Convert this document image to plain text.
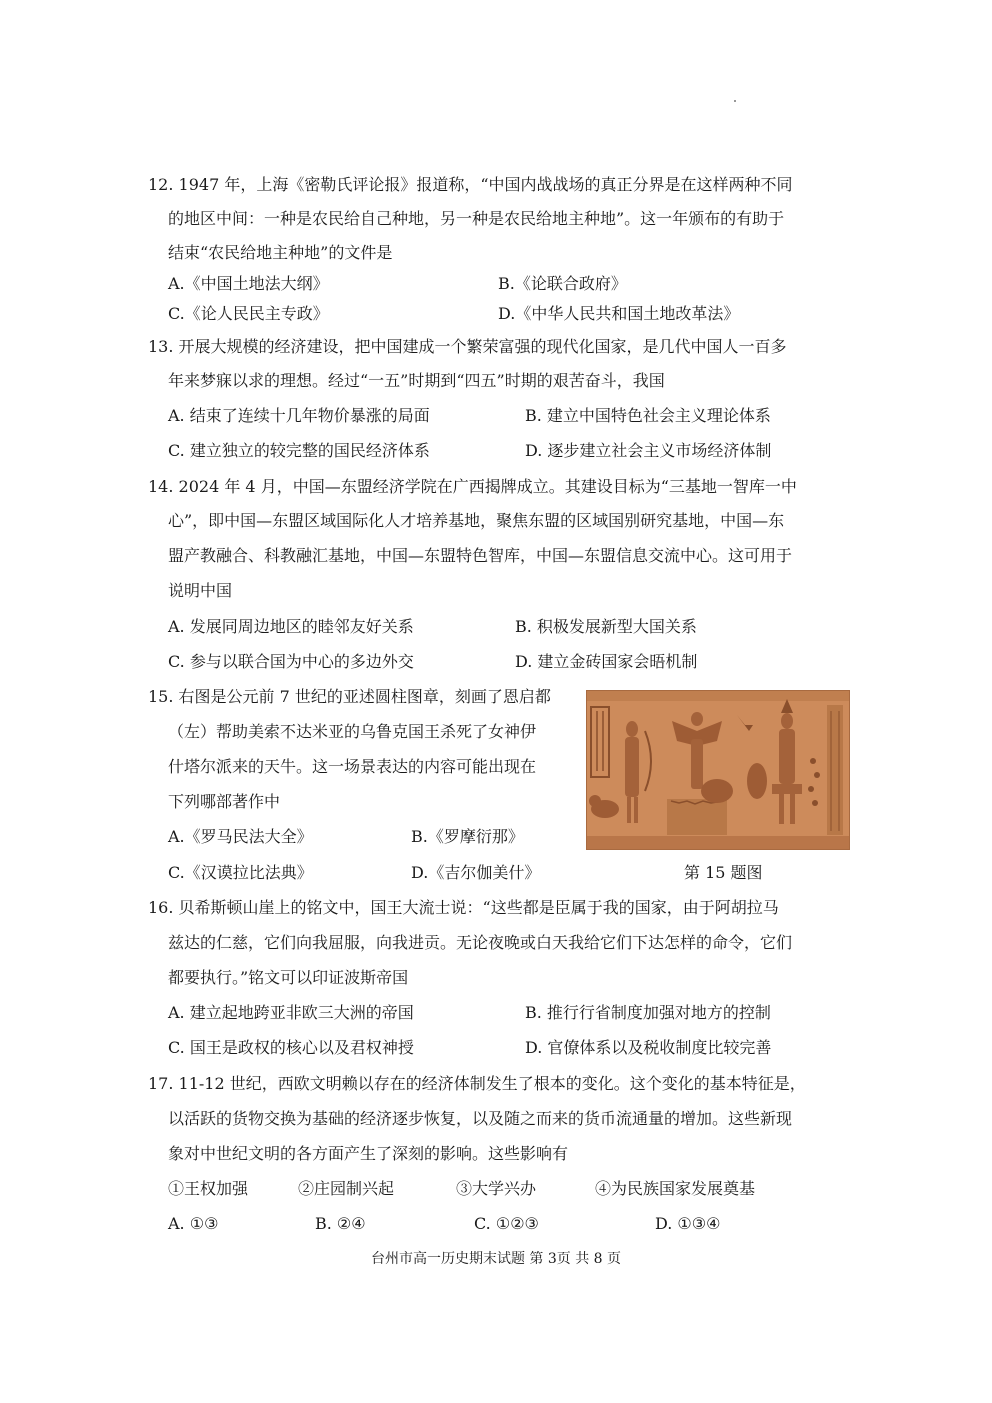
12. 1947 年，上海《密勒氏评论报》报道称，“中国内战战场的真正分界是在这样两种不同
的地区中间：一种是农民给自己种地，另一种是农民给地主种地”。这一年颁布的有助于
结束“农民给地主种地”的文件是
A.《中国土地法大纲》	B.《论联合政府》
C.《论人民民主专政》	D.《中华人民共和国土地改革法》
13. 开展大规模的经济建设，把中国建成一个繁荣富强的现代化国家，是几代中国人一百多
年来梦寐以求的理想。经过“一五”时期到“四五”时期的艰苦奋斗，我国
A. 结束了连续十几年物价暴涨的局面	B. 建立中国特色社会主义理论体系
C. 建立独立的较完整的国民经济体系	D. 逐步建立社会主义市场经济体制
14. 2024 年 4 月，中国—东盟经济学院在广西揭牌成立。其建设目标为“三基地一智库一中
心”，即中国—东盟区域国际化人才培养基地，聚焦东盟的区域国别研究基地，中国—东
盟产教融合、科教融汇基地，中国—东盟特色智库，中国—东盟信息交流中心。这可用于
说明中国
A. 发展同周边地区的睦邻友好关系	B. 积极发展新型大国关系
C. 参与以联合国为中心的多边外交	D. 建立金砖国家会晤机制
15. 右图是公元前 7 世纪的亚述圆柱图章，刻画了恩启都
（左）帮助美索不达米亚的乌鲁克国王杀死了女神伊
什塔尔派来的天牛。这一场景表达的内容可能出现在
下列哪部著作中
A.《罗马民法大全》	B.《罗摩衍那》
C.《汉谟拉比法典》	D.《吉尔伽美什》	第 15 题图
16. 贝希斯顿山崖上的铭文中，国王大流士说：“这些都是臣属于我的国家，由于阿胡拉马
兹达的仁慈，它们向我屈服，向我进贡。无论夜晚或白天我给它们下达怎样的命令，它们
都要执行。”铭文可以印证波斯帝国
A. 建立起地跨亚非欧三大洲的帝国	B. 推行行省制度加强对地方的控制
C. 国王是政权的核心以及君权神授	D. 官僚体系以及税收制度比较完善
17. 11-12 世纪，西欧文明赖以存在的经济体制发生了根本的变化。这个变化的基本特征是，
以活跃的货物交换为基础的经济逐步恢复，以及随之而来的货币流通量的增加。这些新现
象对中世纪文明的各方面产生了深刻的影响。这些影响有
①王权加强	②庄园制兴起	③大学兴办	④为民族国家发展奠基
A. ①③	B. ②④	C. ①②③	D. ①③④
台州市高一历史期末试题 第 3页 共 8 页
